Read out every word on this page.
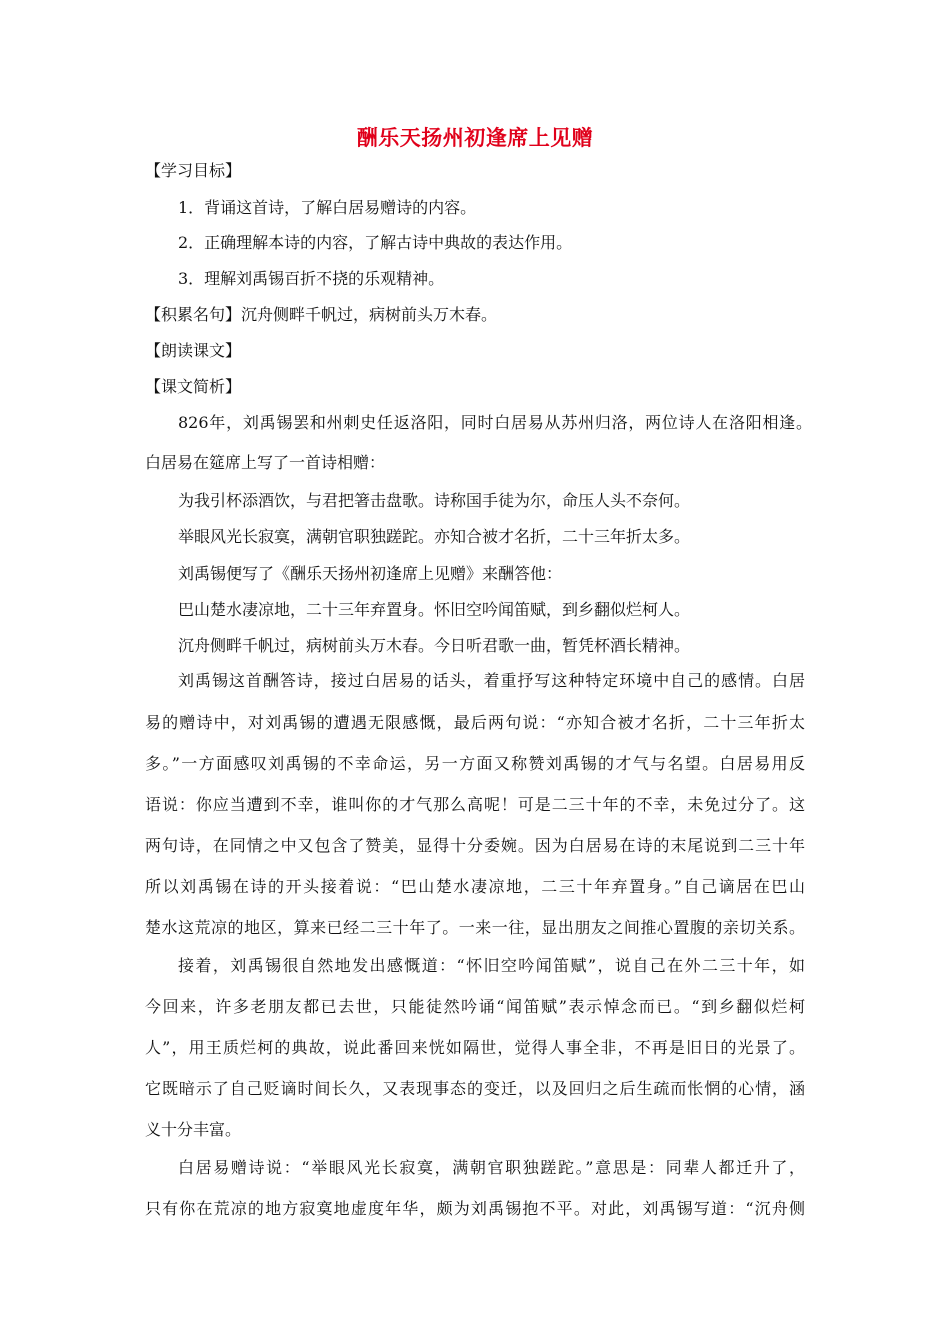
酬乐天扬州初逢席上见赠
【学习目标】
1．背诵这首诗，了解白居易赠诗的内容。
2．正确理解本诗的内容，了解古诗中典故的表达作用。
3．理解刘禹锡百折不挠的乐观精神。
【积累名句】沉舟侧畔千帆过，病树前头万木春。
【朗读课文】
【课文简析】
826年，刘禹锡罢和州刺史任返洛阳，同时白居易从苏州归洛，两位诗人在洛阳相逢。
白居易在筵席上写了一首诗相赠：
为我引杯添酒饮，与君把箸击盘歌。诗称国手徒为尔，命压人头不奈何。
举眼风光长寂寞，满朝官职独蹉跎。亦知合被才名折，二十三年折太多。
刘禹锡便写了《酬乐天扬州初逢席上见赠》来酬答他：
巴山楚水凄凉地，二十三年弃置身。怀旧空吟闻笛赋，到乡翻似烂柯人。
沉舟侧畔千帆过，病树前头万木春。今日听君歌一曲，暂凭杯酒长精神。
刘禹锡这首酬答诗，接过白居易的话头，着重抒写这种特定环境中自己的感情。白居
易的赠诗中，对刘禹锡的遭遇无限感慨，最后两句说：“亦知合被才名折，二十三年折太
多。”一方面感叹刘禹锡的不幸命运，另一方面又称赞刘禹锡的才气与名望。白居易用反
语说：你应当遭到不幸，谁叫你的才气那么高呢！可是二三十年的不幸，未免过分了。这
两句诗，在同情之中又包含了赞美，显得十分委婉。因为白居易在诗的末尾说到二三十年
所以刘禹锡在诗的开头接着说：“巴山楚水凄凉地，二三十年弃置身。”自己谪居在巴山
楚水这荒凉的地区，算来已经二三十年了。一来一往，显出朋友之间推心置腹的亲切关系。
接着，刘禹锡很自然地发出感慨道：“怀旧空吟闻笛赋”，说自己在外二三十年，如
今回来，许多老朋友都已去世，只能徒然吟诵“闻笛赋”表示悼念而已。“到乡翻似烂柯
人”，用王质烂柯的典故，说此番回来恍如隔世，觉得人事全非，不再是旧日的光景了。
它既暗示了自己贬谪时间长久，又表现事态的变迁，以及回归之后生疏而怅惘的心情，涵
义十分丰富。
白居易赠诗说：“举眼风光长寂寞，满朝官职独蹉跎。”意思是：同辈人都迁升了，
只有你在荒凉的地方寂寞地虚度年华，颇为刘禹锡抱不平。对此，刘禹锡写道：“沉舟侧
